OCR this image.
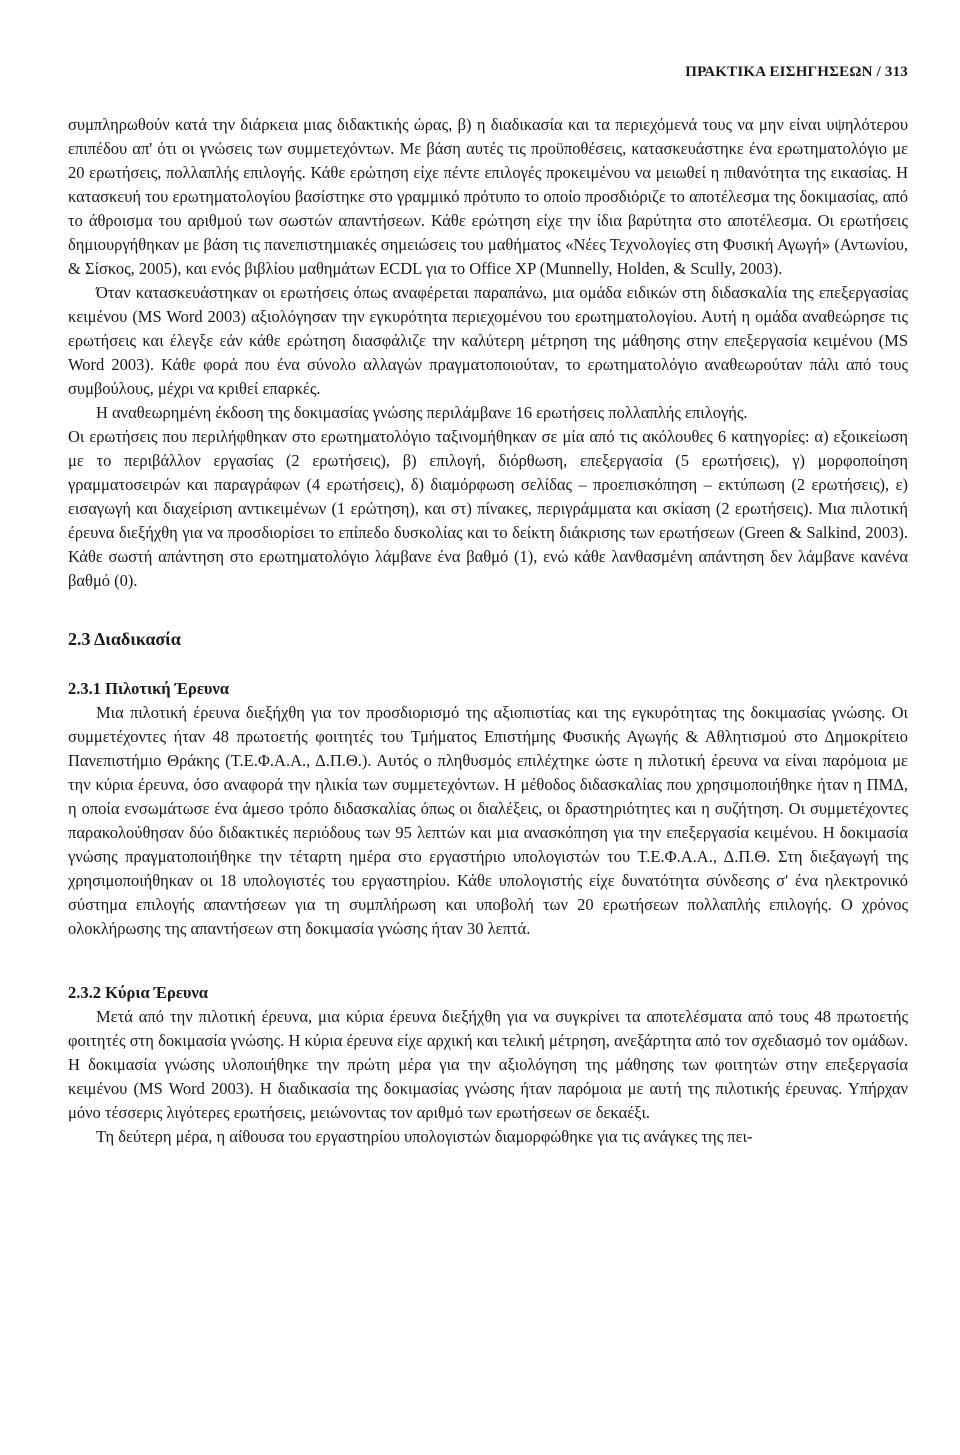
ΠΡΑΚΤΙΚΑ ΕΙΣΗΓΗΣΕΩΝ / 313

συμπληρωθούν κατά την διάρκεια μιας διδακτικής ώρας, β) η διαδικασία και τα περιεχόμενά τους να μην είναι υψηλότερου επιπέδου απ' ότι οι γνώσεις των συμμετεχόντων. Με βάση αυτές τις προϋποθέσεις, κατασκευάστηκε ένα ερωτηματολόγιο με 20 ερωτήσεις, πολλαπλής επιλογής. Κάθε ερώτηση είχε πέντε επιλογές προκειμένου να μειωθεί η πιθανότητα της εικασίας. Η κατασκευή του ερωτηματολογίου βασίστηκε στο γραμμικό πρότυπο το οποίο προσδιόριζε το αποτέλεσμα της δοκιμασίας, από το άθροισμα του αριθμού των σωστών απαντήσεων. Κάθε ερώτηση είχε την ίδια βαρύτητα στο αποτέλεσμα. Οι ερωτήσεις δημιουργήθηκαν με βάση τις πανεπιστημιακές σημειώσεις του μαθήματος «Νέες Τεχνολογίες στη Φυσική Αγωγή» (Αντωνίου, & Σίσκος, 2005), και ενός βιβλίου μαθημάτων ECDL για το Office XP (Munnelly, Holden, & Scully, 2003).

Όταν κατασκευάστηκαν οι ερωτήσεις όπως αναφέρεται παραπάνω, μια ομάδα ειδικών στη διδασκαλία της επεξεργασίας κειμένου (MS Word 2003) αξιολόγησαν την εγκυρότητα περιεχομένου του ερωτηματολογίου. Αυτή η ομάδα αναθεώρησε τις ερωτήσεις και έλεγξε εάν κάθε ερώτηση διασφάλιζε την καλύτερη μέτρηση της μάθησης στην επεξεργασία κειμένου (MS Word 2003). Κάθε φορά που ένα σύνολο αλλαγών πραγματοποιούταν, το ερωτηματολόγιο αναθεωρούταν πάλι από τους συμβούλους, μέχρι να κριθεί επαρκές.

Η αναθεωρημένη έκδοση της δοκιμασίας γνώσης περιλάμβανε 16 ερωτήσεις πολλαπλής επιλογής.

Οι ερωτήσεις που περιλήφθηκαν στο ερωτηματολόγιο ταξινομήθηκαν σε μία από τις ακόλουθες 6 κατηγορίες: α) εξοικείωση με το περιβάλλον εργασίας (2 ερωτήσεις), β) επιλογή, διόρθωση, επεξεργασία (5 ερωτήσεις), γ) μορφοποίηση γραμματοσειρών και παραγράφων (4 ερωτήσεις), δ) διαμόρφωση σελίδας – προεπισκόπηση – εκτύπωση (2 ερωτήσεις), ε) εισαγωγή και διαχείριση αντικειμένων (1 ερώτηση), και στ) πίνακες, περιγράμματα και σκίαση (2 ερωτήσεις). Μια πιλοτική έρευνα διεξήχθη για να προσδιορίσει το επίπεδο δυσκολίας και το δείκτη διάκρισης των ερωτήσεων (Green & Salkind, 2003). Κάθε σωστή απάντηση στο ερωτηματολόγιο λάμβανε ένα βαθμό (1), ενώ κάθε λανθασμένη απάντηση δεν λάμβανε κανένα βαθμό (0).

2.3 Διαδικασία

2.3.1 Πιλοτική Έρευνα

Μια πιλοτική έρευνα διεξήχθη για τον προσδιορισμό της αξιοπιστίας και της εγκυρότητας της δοκιμασίας γνώσης. Οι συμμετέχοντες ήταν 48 πρωτοετής φοιτητές του Τμήματος Επιστήμης Φυσικής Αγωγής & Αθλητισμού στο Δημοκρίτειο Πανεπιστήμιο Θράκης (Τ.Ε.Φ.Α.Α., Δ.Π.Θ.). Αυτός ο πληθυσμός επιλέχτηκε ώστε η πιλοτική έρευνα να είναι παρόμοια με την κύρια έρευνα, όσο αναφορά την ηλικία των συμμετεχόντων. Η μέθοδος διδασκαλίας που χρησιμοποιήθηκε ήταν η ΠΜΔ, η οποία ενσωμάτωσε ένα άμεσο τρόπο διδασκαλίας όπως οι διαλέξεις, οι δραστηριότητες και η συζήτηση. Οι συμμετέχοντες παρακολούθησαν δύο διδακτικές περιόδους των 95 λεπτών και μια ανασκόπηση για την επεξεργασία κειμένου. Η δοκιμασία γνώσης πραγματοποιήθηκε την τέταρτη ημέρα στο εργαστήριο υπολογιστών του Τ.Ε.Φ.Α.Α., Δ.Π.Θ. Στη διεξαγωγή της χρησιμοποιήθηκαν οι 18 υπολογιστές του εργαστηρίου. Κάθε υπολογιστής είχε δυνατότητα σύνδεσης σ' ένα ηλεκτρονικό σύστημα επιλογής απαντήσεων για τη συμπλήρωση και υποβολή των 20 ερωτήσεων πολλαπλής επιλογής. Ο χρόνος ολοκλήρωσης της απαντήσεων στη δοκιμασία γνώσης ήταν 30 λεπτά.

2.3.2 Κύρια Έρευνα

Μετά από την πιλοτική έρευνα, μια κύρια έρευνα διεξήχθη για να συγκρίνει τα αποτελέσματα από τους 48 πρωτοετής φοιτητές στη δοκιμασία γνώσης. Η κύρια έρευνα είχε αρχική και τελική μέτρηση, ανεξάρτητα από τον σχεδιασμό τον ομάδων. Η δοκιμασία γνώσης υλοποιήθηκε την πρώτη μέρα για την αξιολόγηση της μάθησης των φοιτητών στην επεξεργασία κειμένου (MS Word 2003). Η διαδικασία της δοκιμασίας γνώσης ήταν παρόμοια με αυτή της πιλοτικής έρευνας. Υπήρχαν μόνο τέσσερις λιγότερες ερωτήσεις, μειώνοντας τον αριθμό των ερωτήσεων σε δεκαέξι.

Τη δεύτερη μέρα, η αίθουσα του εργαστηρίου υπολογιστών διαμορφώθηκε για τις ανάγκες της πει-
